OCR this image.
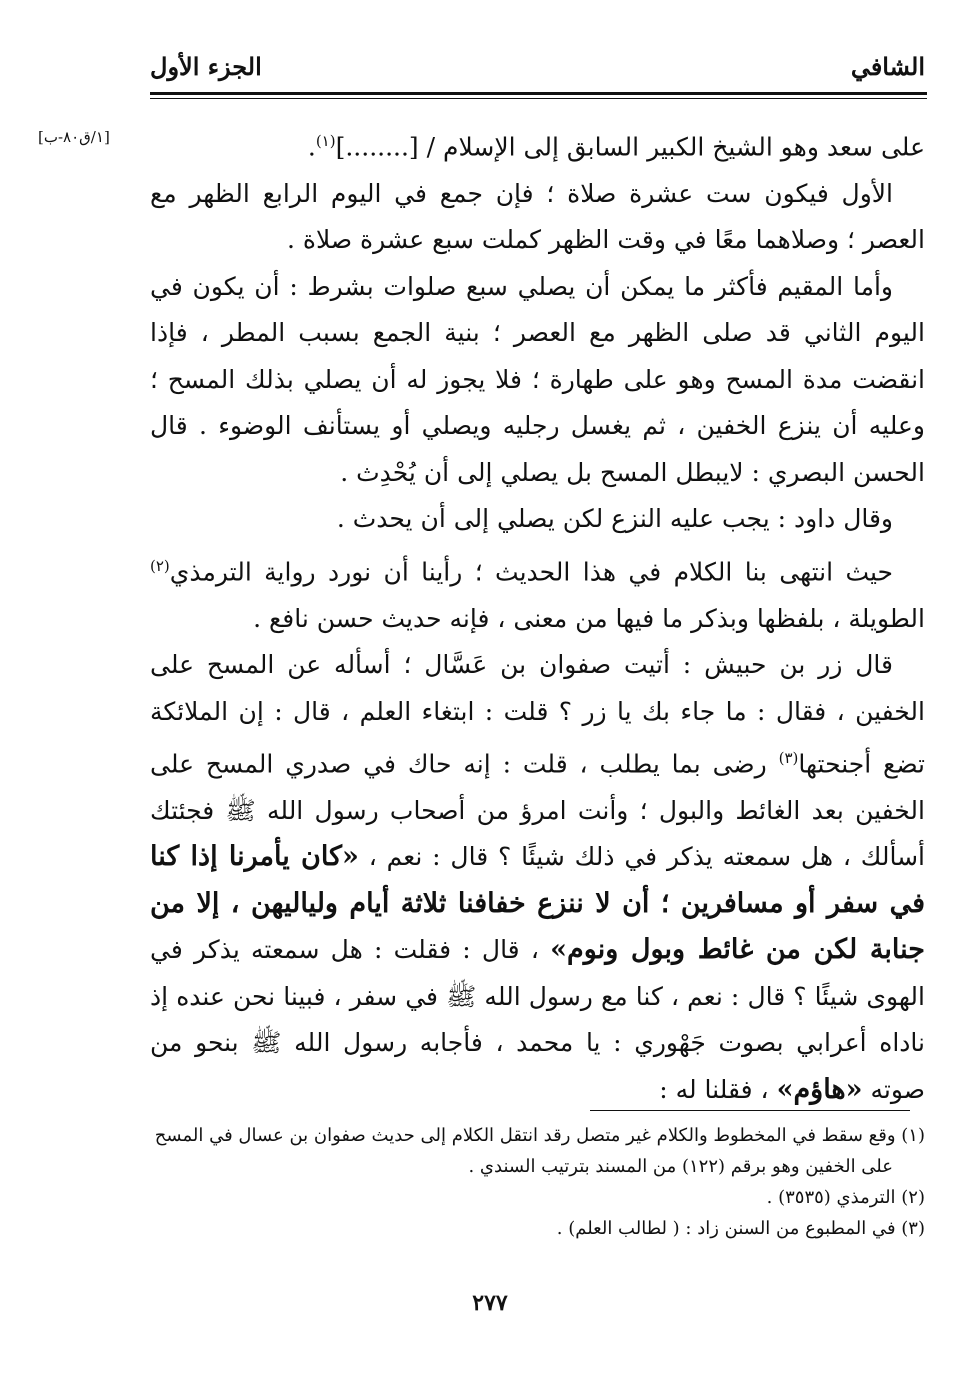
الشافي
الجزء الأول
[١/ق٨٠-ب]	على سعد وهو الشيخ الكبير السابق إلى الإسلام / [........]$^{(١)}$.

الأول فيكون ست عشرة صلاة ؛ فإن جمع في اليوم الرابع الظهر مع العصر ؛ وصلاهما معًا في وقت الظهر كملت سبع عشرة صلاة .

وأما المقيم فأكثر ما يمكن أن يصلي سبع صلوات بشرط : أن يكون في اليوم الثاني قد صلى الظهر مع العصر ؛ بنية الجمع بسبب المطر ، فإذا انقضت مدة المسح وهو على طهارة ؛ فلا يجوز له أن يصلي بذلك المسح ؛ وعليه أن ينزع الخفين ، ثم يغسل رجليه ويصلي أو يستأنف الوضوء . قال الحسن البصري : لايبطل المسح بل يصلي إلى أن يُحْدِث .

وقال داود : يجب عليه النزع لكن يصلي إلى أن يحدث .

حيث انتهى بنا الكلام في هذا الحديث ؛ رأينا أن نورد رواية الترمذي$^{(٢)}$ الطويلة ، بلفظها وبذكر ما فيها من معنى ، فإنه حديث حسن نافع .

قال زر بن حبيش : أتيت صفوان بن عَسَّال ؛ أسأله عن المسح على الخفين ، فقال : ما جاء بك يا زر ؟ قلت : ابتغاء العلم ، قال : إن الملائكة تضع أجنحتها$^{(٣)}$ رضى بما يطلب ، قلت : إنه حاك في صدري المسح على الخفين بعد الغائط والبول ؛ وأنت امرؤ من أصحاب رسول الله ﷺ فجئتك أسألك ، هل سمعته يذكر في ذلك شيئًا ؟ قال : نعم ، «كان يأمرنا إذا كنا في سفر أو مسافرين ؛ أن لا ننزع خفافنا ثلاثة أيام ولياليهن ، إلا من جنابة لكن من غائط وبول ونوم» ، قال : فقلت : هل سمعته يذكر في الهوى شيئًا ؟ قال : نعم ، كنا مع رسول الله ﷺ في سفر ، فبينا نحن عنده إذ ناداه أعرابي بصوت جَهْوري : يا محمد ، فأجابه رسول الله ﷺ بنحو من صوته «هاؤم» ، فقلنا له :

(١) وقع سقط في المخطوط والكلام غير متصل رقد انتقل الكلام إلى حديث صفوان بن عسال في المسح

على الخفين وهو برقم (١٢٢) من المسند بترتيب السندي .

(٢) الترمذي (٣٥٣٥) .

(٣) في المطبوع من السنن زاد : ( لطالب العلم) .

٢٧٧
